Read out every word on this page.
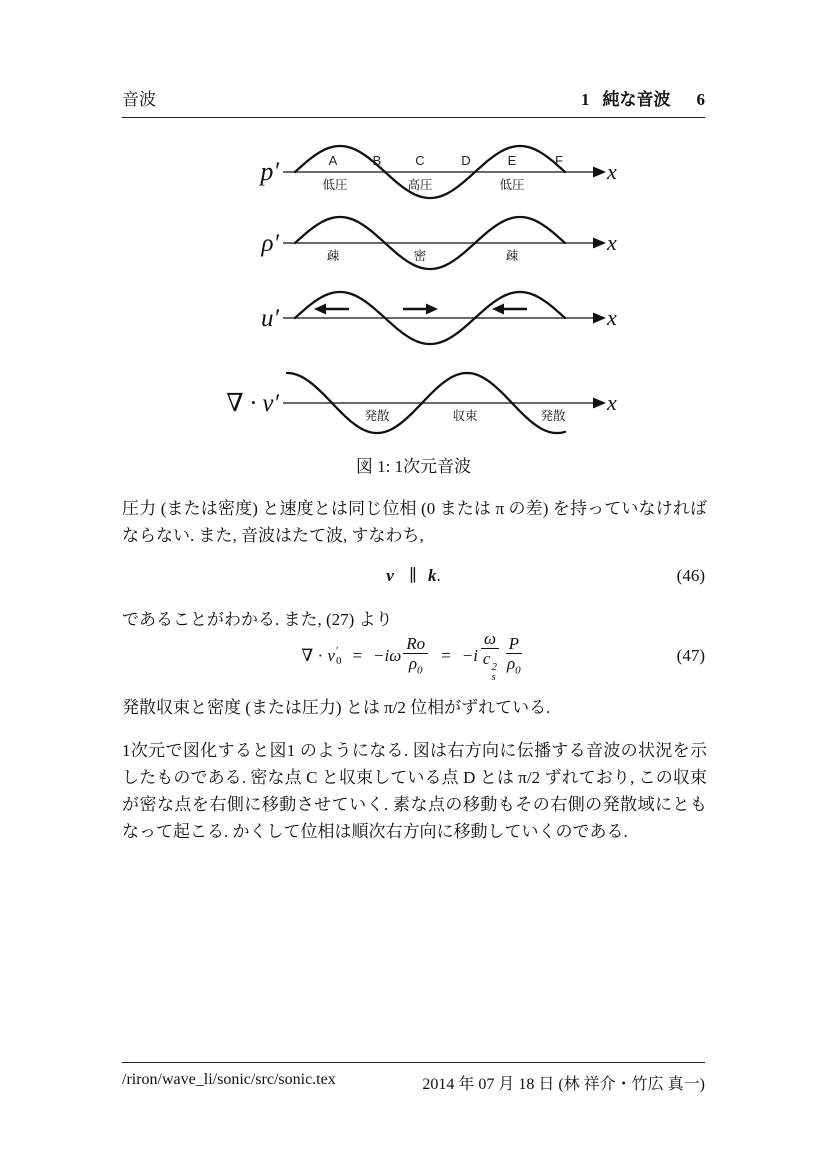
音波	1 純な音波 6
x
p′	A	B	C	D	E	F
低圧	高圧	低圧
x
ρ′	疎	密	疎
x
u′
x
∇ · v′	発散	収束	発散
図 1: 1次元音波
圧力 (または密度) と速度とは同じ位相 (0 または π の差) を持っていなければならない. また, 音波はたて波, すなわち,
v ∥ k.	(46)
であることがわかる. また, (27) より
∇ ·
v ′
$0 = -i\omega \frac{Ro}{\rho_0} = -i$ ω
c 2
s $\frac{P}{\rho_0}$	(47)
発散収束と密度 (または圧力) とは π/2 位相がずれている.
1次元で図化すると図1 のようになる. 図は右方向に伝播する音波の状況を示したものである. 密な点 C と収束している点 D とは π/2 ずれており, この収束が密な点を右側に移動させていく. 素な点の移動もその右側の発散域にともなって起こる. かくして位相は順次右方向に移動していくのである.
/riron/wave_li/sonic/src/sonic.tex	2014 年 07 月 18 日 (林 祥介・竹広 真一)
